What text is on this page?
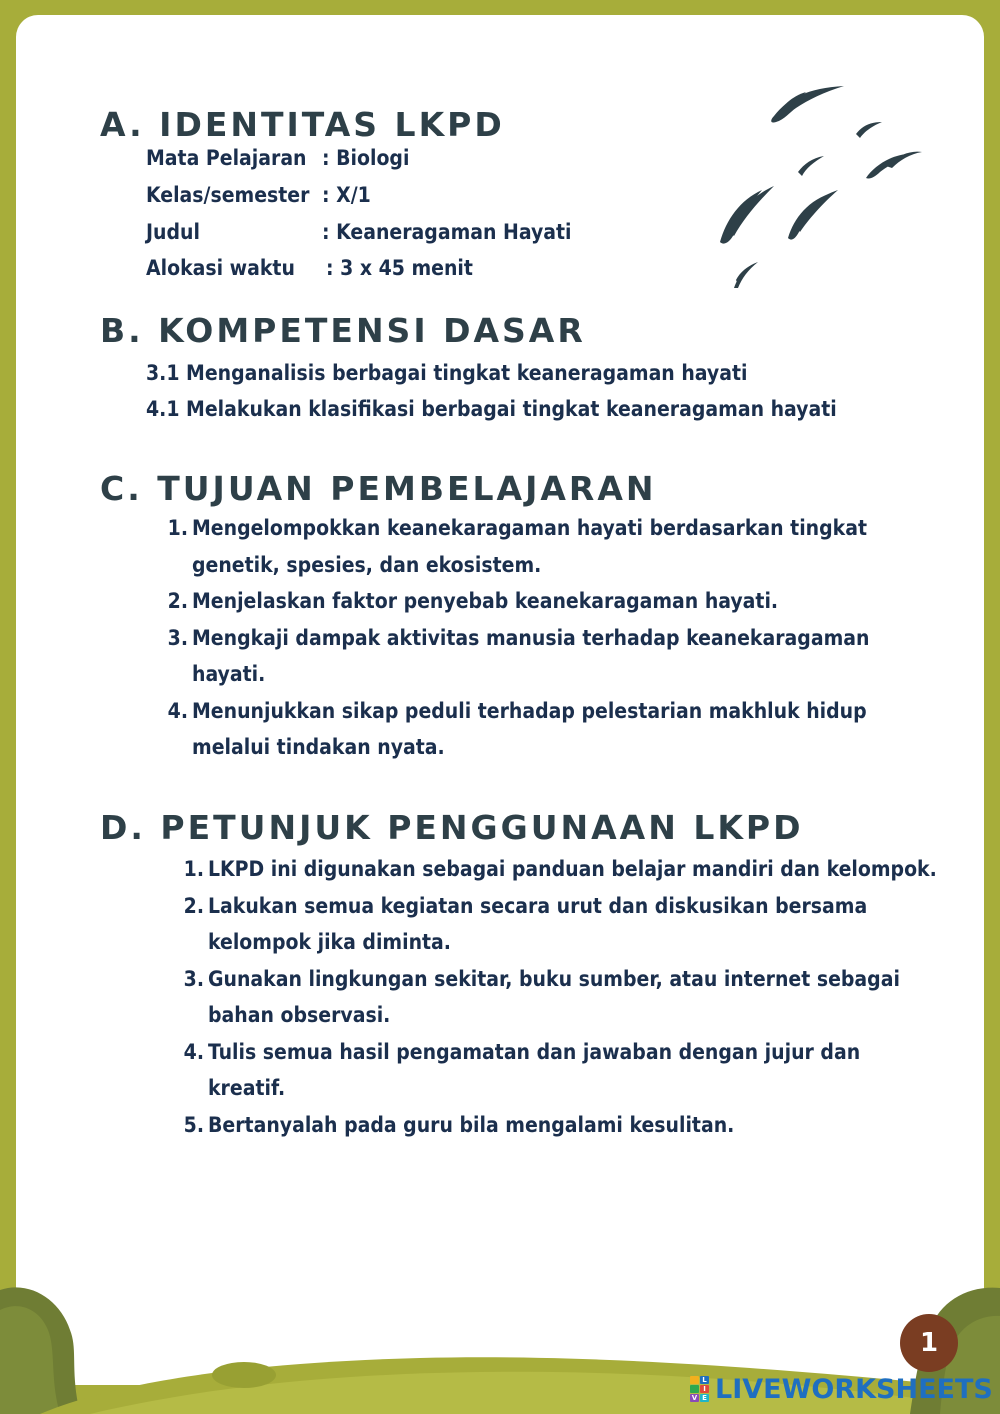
A. IDENTITAS LKPD
Mata Pelajaran : Biologi
Kelas/semester : X/1
Judul	: Keaneragaman Hayati
Alokasi waktu	: 3 x 45 menit
B. KOMPETENSI DASAR
3.1 Menganalisis berbagai tingkat keaneragaman hayati
4.1 Melakukan klasifikasi berbagai tingkat keaneragaman hayati
C. TUJUAN PEMBELAJARAN
1. Mengelompokkan keanekaragaman hayati berdasarkan tingkat genetik, spesies, dan ekosistem.
2. Menjelaskan faktor penyebab keanekaragaman hayati.
3. Mengkaji dampak aktivitas manusia terhadap keanekaragaman hayati.
4. Menunjukkan sikap peduli terhadap pelestarian makhluk hidup melalui tindakan nyata.
D. PETUNJUK PENGGUNAAN LKPD
1. LKPD ini digunakan sebagai panduan belajar mandiri dan kelompok.
2. Lakukan semua kegiatan secara urut dan diskusikan bersama kelompok jika diminta.
3. Gunakan lingkungan sekitar, buku sumber, atau internet sebagai bahan observasi.
4. Tulis semua hasil pengamatan dan jawaban dengan jujur dan kreatif.
5. Bertanyalah pada guru bila mengalami kesulitan.
1
L
I
V E LIVEWORKSHEETS
